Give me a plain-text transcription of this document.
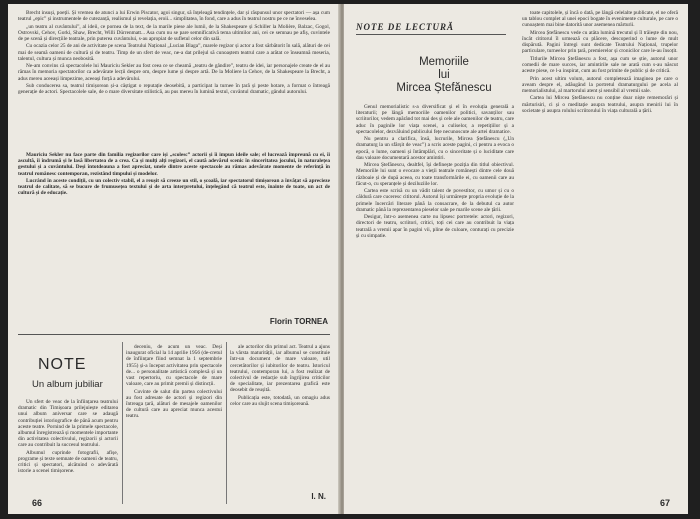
Brecht insuși, poeții. Și vremea de atunci a lui Erwin Piscator, agoi singur, să înțeleagă tendințele, dar și răspunsul unor spectatori — așa cum teatrul „epic” și instrumentele de cutezanță, realismul și revelația, eroii... simplitatea, în fond, care a adus în teatrul nostru pe ce ne înveselea.

„un teatru al cuvântului”, al ideii, ce pornea de la text, de la marile piese ale lumii, de la Shakespeare și Schiller la Molière, Balzac, Gogol, Ostrovski, Cehov, Gorki, Shaw, Brecht, Willi Dürrenmatt... Asa cum nu se pare semnificativă tema ultimilor ani, cei ce semnau pe afiș, cuvintele de pe scenă și direcțiile teatrale, prin puterea cuvântului, s-au apropiat de sufletul celor din sală.

Cu ocazia celor 25 de ani de activitate pe scena Teatrului Național „Lucian Blaga”, marele regizor și actor a fost sărbătorit în sală, alături de cei mai de seamă oameni de cultură și de teatru. Timp de un sfert de veac, ne-a dat prilejul să cunoaștem teatrul care a arătat ce înseamnă meseria, talentul, cultura și munca neobosită.

Ne-am convins că spectacolele lui Mauriciu Sekler au fost ceea ce se cheamă „teatru de gândire”, teatru de idei, iar personajele create de el au rămas în memoria spectatorilor ca adevărate lecții despre om, despre lume și despre artă. De la Moliere la Cehov, de la Shakespeare la Brecht, a adus mereu aceeași limpezime, aceeași forță a adevărului.

Sub conducerea sa, teatrul timișorean și-a câștigat o reputație deosebită, a participat la turnee în țară și peste hotare, a format o întreagă generație de actori. Spectacolele sale, de o mare diversitate stilistică, au pus mereu în lumină textul, cuvântul dramatic, gândul autorului.

Mauriciu Sekler nu face parte din familia regizorilor care iși „scolesc” actorii și îi impun ideile sale; el lucrează împreună cu ei, îi ascultă, îi îndrumă și le lasă libertatea de a crea. Ca și mulți alți regizori, el caută adevărul scenic în sinceritatea jocului, în naturalețea gestului și a cuvântului. Deși întotdeauna a fost apreciat, unele dintre aceste spectacole au rămas adevărate momente de referință în teatrul românesc contemporan, rezistând timpului și modelor.

Lucrând în aceste condiții, cu un colectiv stabil, el a reușit să creeze un stil, o școală, iar spectatorul timișorean a învățat să aprecieze teatrul de calitate, să se bucure de frumusețea textului și de arta interpretului, înțelegând că teatrul este, înainte de toate, un act de cultură și de educație.

Florin TORNEA
NOTE
Un album jubiliar

Un sfert de veac de la înființarea teatrului dramatic din Timișoara prilejuiește editarea unui album aniversar care se adaugă contribuției istoriografice de până acum pentru aceste teatre. Pornind de la primele spectacole, albumul înregistrează și momentele importante din activitatea colectivului, regizorii și actorii care au contribuit la succesul teatrului.

Albumul cuprinde fotografii, afișe, programe și texte semnate de oameni de teatru, critici și spectatori, alcătuind o adevărată istorie a scenei timișorene.

deceniu, de acum un veac. Deși inaugurat oficial la 14 aprilie 1956 (de-cretul de înființare fiind semnat la 1 septembrie 1955) și-a început activitatea prin spectacole de... o personalitate artistică complexă și un vast repertoriu, cu spectacole de mare valoare, care au primit premii și distincții.

Cuvinte de salut din partea colectivului au fost adresate de actori și regizori din întreaga țară, alături de mesajele oamenilor de cultură care au apreciat munca acestui teatru.

ale actorilor din primul act. Teatrul a ajuns la vârsta maturității, iar albumul se constituie într-un document de mare valoare, util cercetătorilor și iubitorilor de teatru. Istoricul teatrului, contemporan lui, a fost realizat de colectivul de redacție sub îngrijirea criticilor de specialitate, iar prezentarea grafică este deosebit de reușită.

Publicația este, totodată, un omagiu adus celor care au slujit scena timișoreană.

I. N.
66
NOTE DE LECTURĂ
Memoriile
lui
Mircea Ștefănescu

Genul memorialistic s-a diversificat și el în evoluția generală a literaturii; pe lângă memoriile oamenilor politici, savanților sau scriitorilor, vedem apărând tot mai des și cele ale oamenilor de teatru, care aduc în paginile lor viața scenei, a culiselor, a repetițiilor și a spectacolelor, dezvăluind publicului fețe necunoscute ale artei dramatice.

Nu pentru a clarifica, însă, lucrurile, Mircea Ștefănescu („Un dramaturg la un sfârșit de veac”) a scris aceste pagini, ci pentru a evoca o epocă, o lume, oameni și întâmplări, cu o sinceritate și o luciditate care dau valoare documentară acestor amintiri.

Mircea Ștefănescu, dealtfel, își definește poziția din titlul obiectivul. Memoriile lui sunt o evocare a vieții teatrale românești dintre cele două războaie și de după aceea, cu toate transformările ei, cu oamenii care au făcut-o, cu speranțele și deziluziile lor.

Cartea este scrisă cu un vădit talent de povestitor, cu umor și cu o căldură care cuceresc cititorul. Autorul își urmărește propria evoluție de la primele încercări literare până la consacrare, de la debutul ca autor dramatic până la reprezentarea pieselor sale pe marile scene ale țării.

Desigur, într-o asemenea carte nu lipsesc portretele: actori, regizori, directori de teatru, scriitori, critici, toți cei care au contribuit la viața teatrală a vremii apar în pagini vii, pline de culoare, conturați cu precizie și cu simpatie.

toate capitolele, și încă o dată, pe lângă celelalte publicate, el ne oferă un tablou complet al unei epoci bogate în evenimente culturale, pe care o cunoaștem mai bine datorită unor asemenea mărturii.

Mircea Ștefănescu vede cu atâta lumină trecutul și îl trăiește din nou, încât cititorul îl urmează cu plăcere, descoperind o lume de mult dispărută. Pagini întregi sunt dedicate Teatrului Național, trupelor particulare, turneelor prin țară, premierelor și cronicilor care le-au însoțit.

Titlurile Mircea Ștefănescu a fost, așa cum se știe, autorul unor comedii de mare succes, iar amintirile sale ne arată cum s-au născut aceste piese, ce l-a inspirat, cum au fost primite de public și de critică.

Prin acest ultim volum, autorul completează imaginea pe care o aveam despre el, adăugând la portretul dramaturgului pe acela al memorialistului, al martorului atent și sensibil al vremii sale.

Cartea lui Mircea Ștefănescu nu conține doar niște rememorări și mărturisiri, ci și o meditație asupra teatrului, asupra menirii lui în societate și asupra rolului scriitorului în viața culturală a țării.

67
